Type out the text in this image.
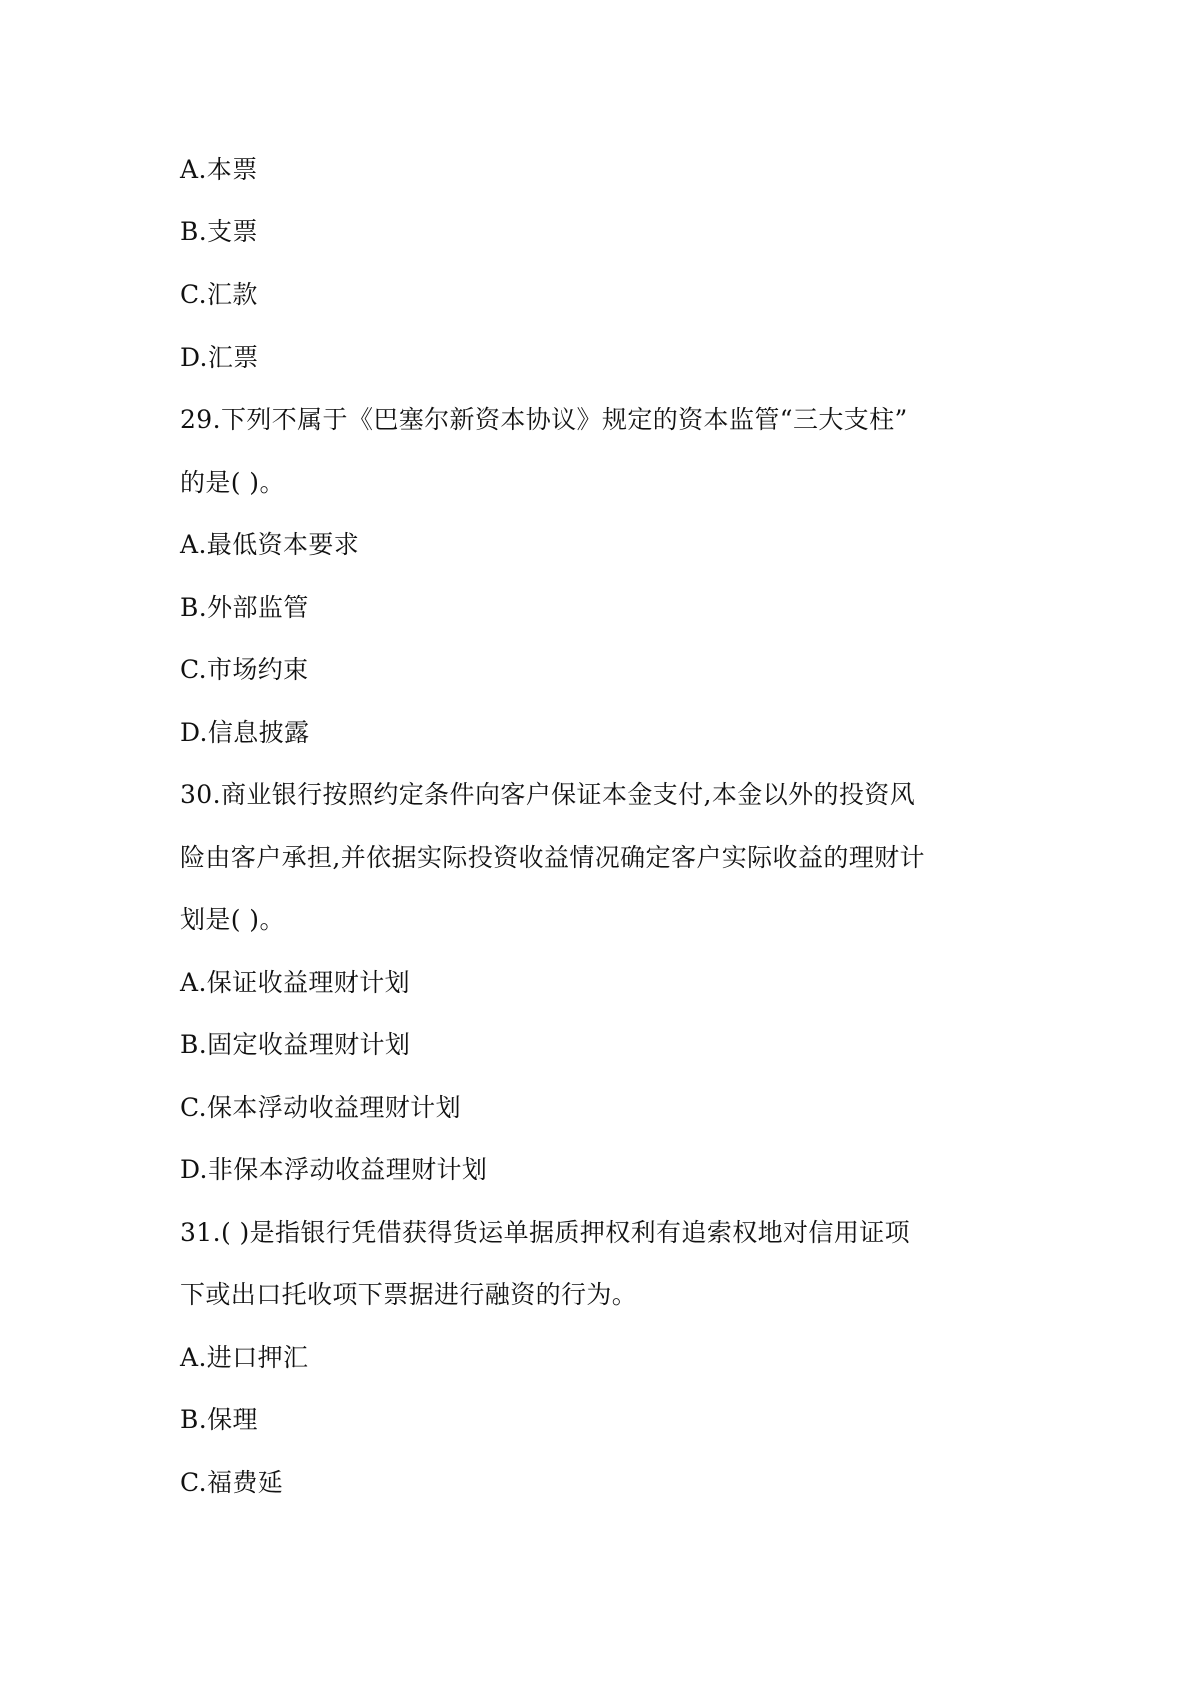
A.本票
B.支票
C.汇款
D.汇票
29.下列不属于《巴塞尔新资本协议》规定的资本监管“三大支柱”
的是( )。
A.最低资本要求
B.外部监管
C.市场约束
D.信息披露
30.商业银行按照约定条件向客户保证本金支付,本金以外的投资风
险由客户承担,并依据实际投资收益情况确定客户实际收益的理财计
划是( )。
A.保证收益理财计划
B.固定收益理财计划
C.保本浮动收益理财计划
D.非保本浮动收益理财计划
31.( )是指银行凭借获得货运单据质押权利有追索权地对信用证项
下或出口托收项下票据进行融资的行为。
A.进口押汇
B.保理
C.福费延
